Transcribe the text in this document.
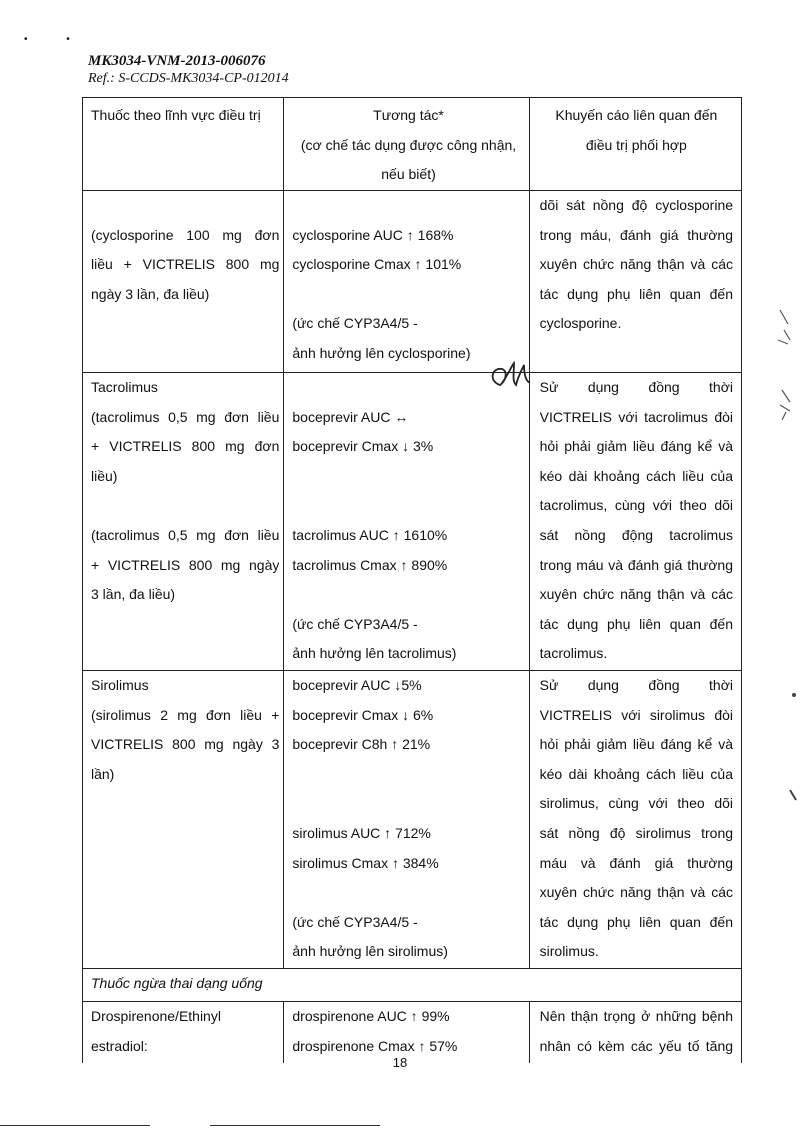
• •
MK3034-VNM-2013-006076
Ref.: S-CCDS-MK3034-CP-012014
Thuốc theo lĩnh vực điều trị	Tương tác*
(cơ chế tác dụng được công nhận,
nếu biết)
Khuyến cáo liên quan đến
điều trị phối hợp
(cyclosporine 100 mg đơn
liều + VICTRELIS 800 mg
ngày 3 lần, đa liều)
cyclosporine AUC ↑ 168%
cyclosporine Cmax ↑ 101%
(ức chế CYP3A4/5 -
ảnh hưởng lên cyclosporine)
dõi sát nồng độ cyclosporine
trong máu, đánh giá thường
xuyên chức năng thận và các
tác dụng phụ liên quan đến
cyclosporine.
Tacrolimus
(tacrolimus 0,5 mg đơn liều
+ VICTRELIS 800 mg đơn
liều)
(tacrolimus 0,5 mg đơn liều
+ VICTRELIS 800 mg ngày
3 lần, đa liều)
boceprevir AUC ↔
boceprevir Cmax ↓ 3%
tacrolimus AUC ↑ 1610%
tacrolimus Cmax ↑ 890%
(ức chế CYP3A4/5 -
ảnh hưởng lên tacrolimus)
Sử dụng đồng thời
VICTRELIS với tacrolimus đòi
hỏi phải giảm liều đáng kể và
kéo dài khoảng cách liều của
tacrolimus, cùng với theo dõi
sát nồng động tacrolimus
trong máu và đánh giá thường
xuyên chức năng thận và các
tác dụng phụ liên quan đến
tacrolimus.
Sirolimus
(sirolimus 2 mg đơn liều +
VICTRELIS 800 mg ngày 3
lần)
boceprevir AUC ↓5%
boceprevir Cmax ↓ 6%
boceprevir C8h ↑ 21%
sirolimus AUC ↑ 712%
sirolimus Cmax ↑ 384%
(ức chế CYP3A4/5 -
ảnh hưởng lên sirolimus)
Sử dụng đồng thời
VICTRELIS với sirolimus đòi
hỏi phải giảm liều đáng kể và
kéo dài khoảng cách liều của
sirolimus, cùng với theo dõi
sát nồng độ sirolimus trong
máu và đánh giá thường
xuyên chức năng thận và các
tác dụng phụ liên quan đến
sirolimus.
Thuốc ngừa thai dạng uống
Drospirenone/Ethinyl
estradiol:
drospirenone AUC ↑ 99%
drospirenone Cmax ↑ 57%
Nên thận trọng ở những bệnh
nhân có kèm các yếu tố tăng
18
